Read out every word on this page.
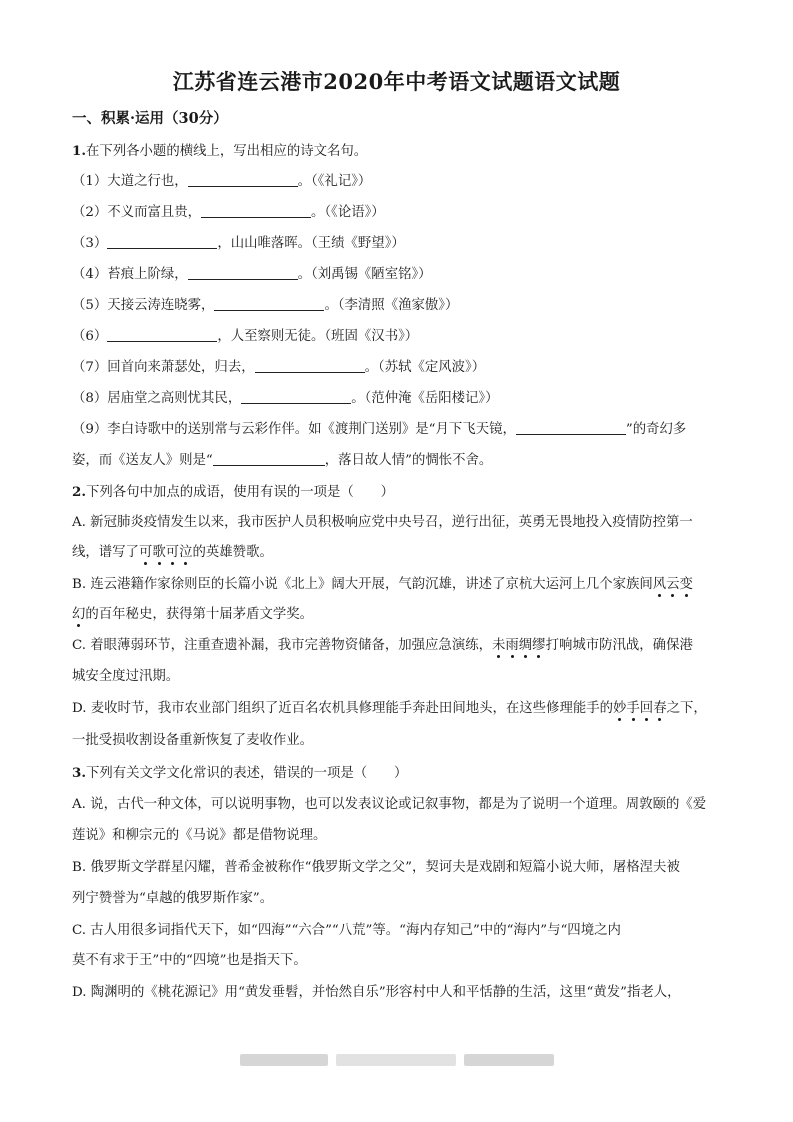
江苏省连云港市2020年中考语文试题语文试题
一、积累·运用（30分）
1.在下列各小题的横线上，写出相应的诗文名句。
（1）大道之行也，	。（《礼记》）
（2）不义而富且贵，	。（《论语》）
（3）	，山山唯落晖。（王绩《野望》）
（4）苔痕上阶绿，	。（刘禹锡《陋室铭》）
（5）天接云涛连晓雾，	。（李清照《渔家傲》）
（6）	，人至察则无徒。（班固《汉书》）
（7）回首向来萧瑟处，归去，	。（苏轼《定风波》）
（8）居庙堂之高则忧其民，	。（范仲淹《岳阳楼记》）
（9）李白诗歌中的送别常与云彩作伴。如《渡荆门送别》是“月下飞天镜，	”的奇幻多
姿，而《送友人》则是“	，落日故人情”的惆怅不舍。
2.下列各句中加点的成语，使用有误的一项是（　　）
A. 新冠肺炎疫情发生以来，我市医护人员积极响应党中央号召，逆行出征，英勇无畏地投入疫情防控第一
线，谱写了可歌可泣的英雄赞歌。
B. 连云港籍作家徐则臣的长篇小说《北上》阔大开展，气韵沉雄，讲述了京杭大运河上几个家族间风云变
幻的百年秘史，获得第十届茅盾文学奖。
C. 着眼薄弱环节，注重查遗补漏，我市完善物资储备，加强应急演练，未雨绸缪打响城市防汛战，确保港
城安全度过汛期。
D. 麦收时节，我市农业部门组织了近百名农机具修理能手奔赴田间地头，在这些修理能手的妙手回春之下，
一批受损收割设备重新恢复了麦收作业。
3.下列有关文学文化常识的表述，错误的一项是（　　）
A. 说，古代一种文体，可以说明事物，也可以发表议论或记叙事物，都是为了说明一个道理。周敦颐的《爱
莲说》和柳宗元的《马说》都是借物说理。
B. 俄罗斯文学群星闪耀，普希金被称作“俄罗斯文学之父”，契诃夫是戏剧和短篇小说大师，屠格涅夫被
列宁赞誉为“卓越的俄罗斯作家”。
C. 古人用很多词指代天下，如“四海”“六合”“八荒”等。“海内存知己”中的“海内”与“四境之内
莫不有求于王”中的“四境”也是指天下。
D. 陶渊明的《桃花源记》用“黄发垂髫，并怡然自乐”形容村中人和平恬静的生活，这里“黄发”指老人，
